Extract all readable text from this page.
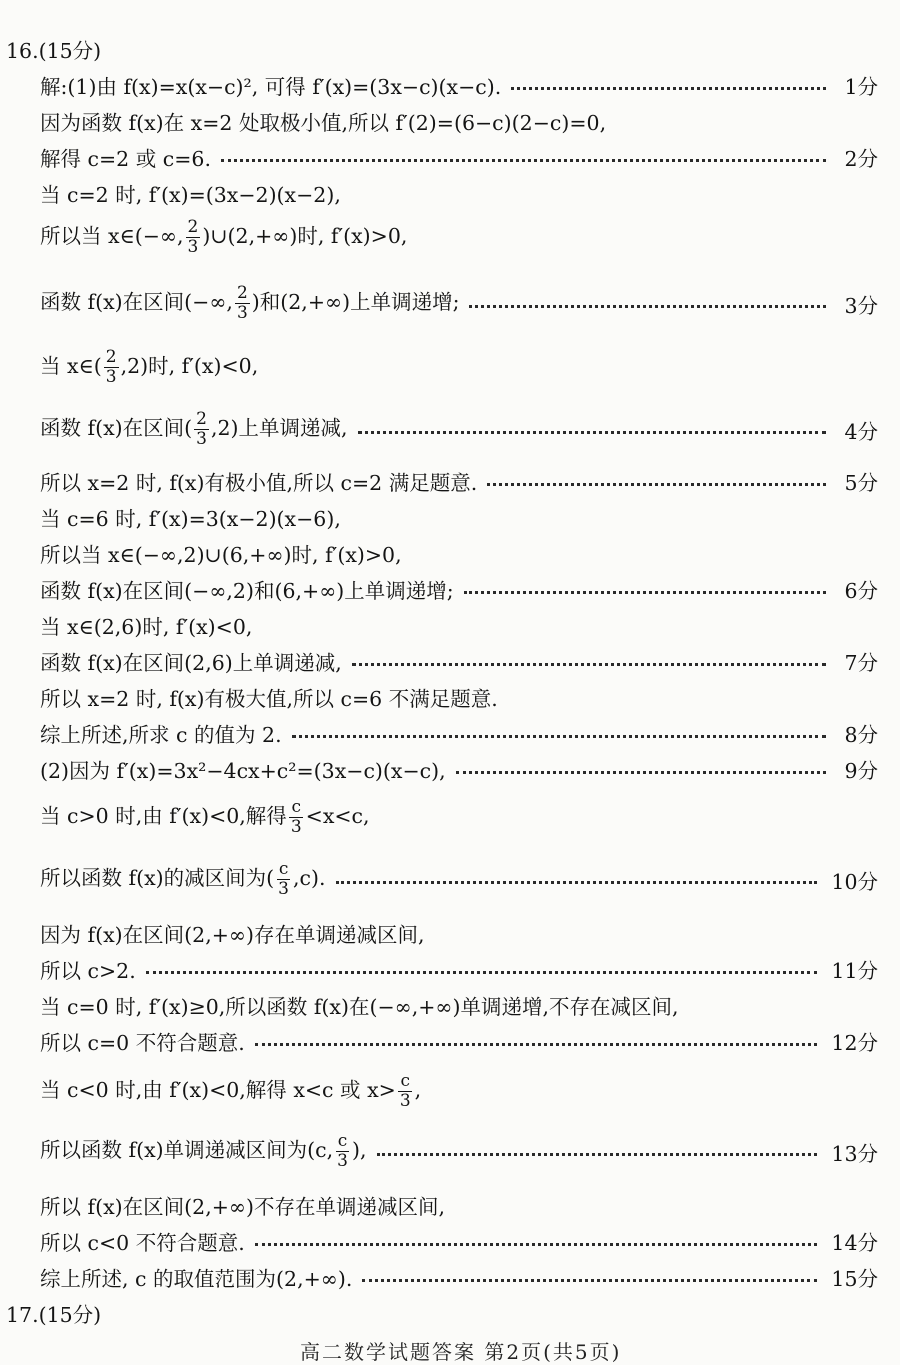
16.(15分)
解:(1)由 f(x)=x(x−c)², 可得 f′(x)=(3x−c)(x−c).	1分
因为函数 f(x)在 x=2 处取极小值,所以 f′(2)=(6−c)(2−c)=0,
解得 c=2 或 c=6.	2分
当 c=2 时, f′(x)=(3x−2)(x−2),
所以当 x∈(−∞, $\frac{2}{3}$ )∪(2,+∞)时, f′(x)>0,
函数 f(x)在区间(−∞, $\frac{2}{3}$ )和(2,+∞)上单调递增;	3分
当 x∈( $\frac{2}{3} ,2$)时, f′(x)<0,
函数 f(x)在区间( $\frac{2}{3} ,2$)上单调递减,	4分
所以 x=2 时, f(x)有极小值,所以 c=2 满足题意.	5分
当 c=6 时, f′(x)=3(x−2)(x−6),
所以当 x∈(−∞,2)∪(6,+∞)时, f′(x)>0,
函数 f(x)在区间(−∞,2)和(6,+∞)上单调递增;	6分
当 x∈(2,6)时, f′(x)<0,
函数 f(x)在区间(2,6)上单调递减,	7分
所以 x=2 时, f(x)有极大值,所以 c=6 不满足题意.
综上所述,所求 c 的值为 2.	8分
(2)因为 f′(x)=3x²−4cx+c²=(3x−c)(x−c),	9分
当 c>0 时,由 f′(x)<0,解得 $\frac{c}{3} <x<c$,
所以函数 f(x)的减区间为( $\frac{c}{3} ,c$).	10分
因为 f(x)在区间(2,+∞)存在单调递减区间,
所以 c>2.	11分
当 c=0 时, f′(x)≥0,所以函数 f(x)在(−∞,+∞)单调递增,不存在减区间,
所以 c=0 不符合题意.	12分
当 c<0 时,由 f′(x)<0,解得 x<c 或 $x> \frac{c}{3}$ ,
所以函数 f(x)单调递减区间为(c, $\frac{c}{3}$ ),	13分
所以 f(x)在区间(2,+∞)不存在单调递减区间,
所以 c<0 不符合题意.	14分
综上所述, c 的取值范围为(2,+∞).	15分
17.(15分)
高二数学试题答案 第2页(共5页)
